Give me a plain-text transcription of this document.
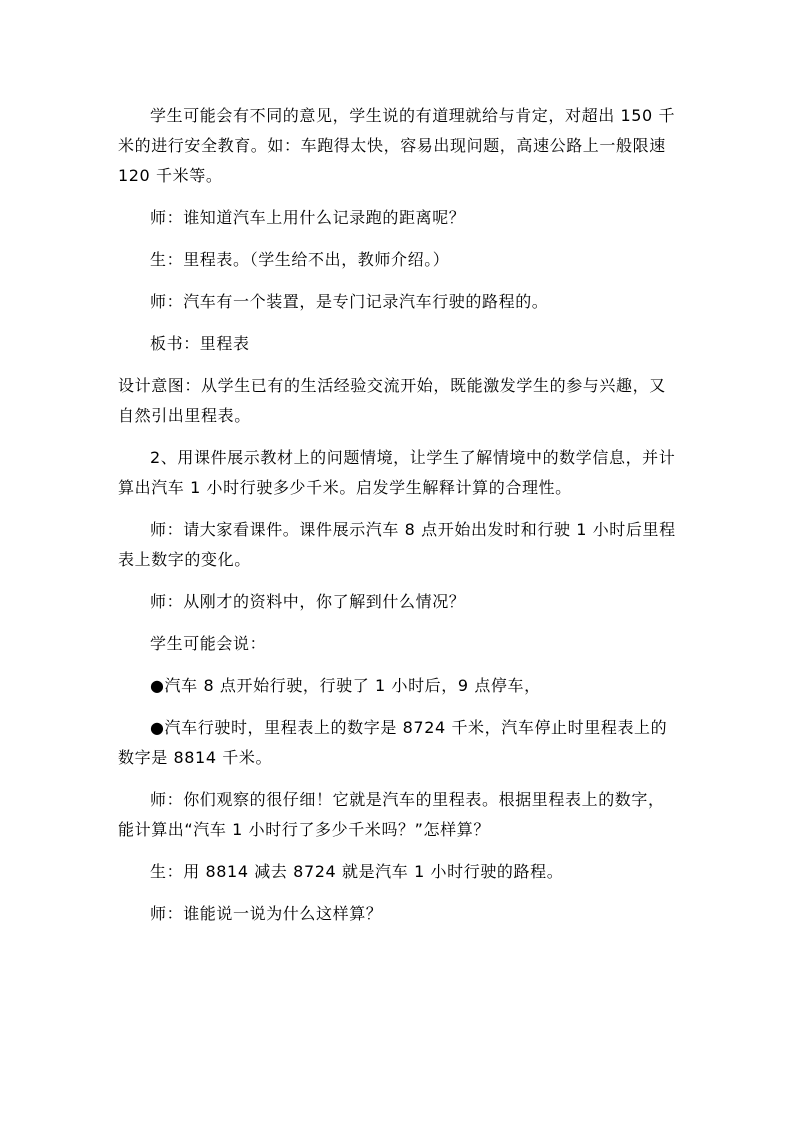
学生可能会有不同的意见，学生说的有道理就给与肯定，对超出 150 千米的进行安全教育。如：车跑得太快，容易出现问题，高速公路上一般限速 120 千米等。

师：谁知道汽车上用什么记录跑的距离呢？

生：里程表。（学生给不出，教师介绍。）

师：汽车有一个装置，是专门记录汽车行驶的路程的。

板书：里程表

设计意图：从学生已有的生活经验交流开始，既能激发学生的参与兴趣，又自然引出里程表。

2、用课件展示教材上的问题情境，让学生了解情境中的数学信息，并计算出汽车 1 小时行驶多少千米。启发学生解释计算的合理性。

师：请大家看课件。课件展示汽车 8 点开始出发时和行驶 1 小时后里程表上数字的变化。

师：从刚才的资料中，你了解到什么情况？

学生可能会说：

●汽车 8 点开始行驶，行驶了 1 小时后，9 点停车，

●汽车行驶时，里程表上的数字是 8724 千米，汽车停止时里程表上的数字是 8814 千米。

师：你们观察的很仔细！它就是汽车的里程表。根据里程表上的数字，能计算出“汽车 1 小时行了多少千米吗？”怎样算？

生：用 8814 减去 8724 就是汽车 1 小时行驶的路程。

师：谁能说一说为什么这样算？
